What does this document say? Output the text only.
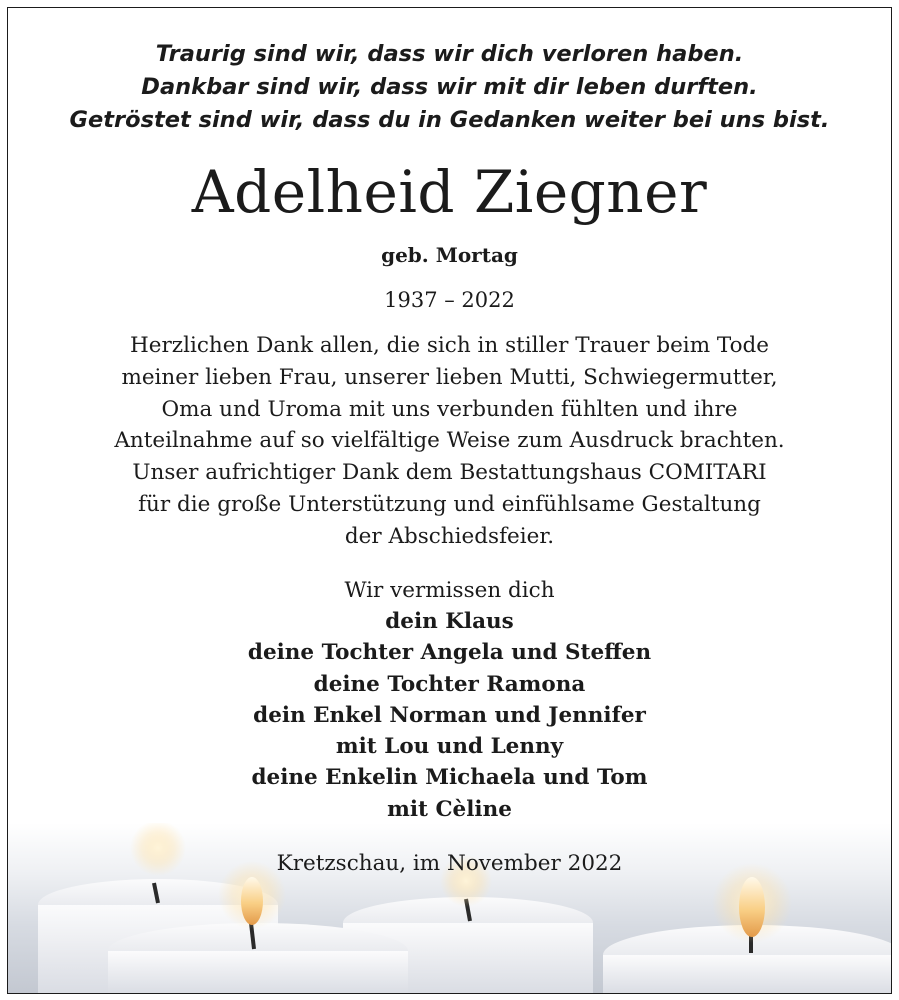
Traurig sind wir, dass wir dich verloren haben.
Dankbar sind wir, dass wir mit dir leben durften.
Getröstet sind wir, dass du in Gedanken weiter bei uns bist.
Adelheid Ziegner
geb. Mortag
1937 – 2022
Herzlichen Dank allen, die sich in stiller Trauer beim Tode
meiner lieben Frau, unserer lieben Mutti, Schwiegermutter,
Oma und Uroma mit uns verbunden fühlten und ihre
Anteilnahme auf so vielfältige Weise zum Ausdruck brachten.
Unser aufrichtiger Dank dem Bestattungshaus COMITARI
für die große Unterstützung und einfühlsame Gestaltung
der Abschiedsfeier.
Wir vermissen dich
dein Klaus
deine Tochter Angela und Steffen
deine Tochter Ramona
dein Enkel Norman und Jennifer
mit Lou und Lenny
deine Enkelin Michaela und Tom
mit Cèline
Kretzschau, im November 2022
